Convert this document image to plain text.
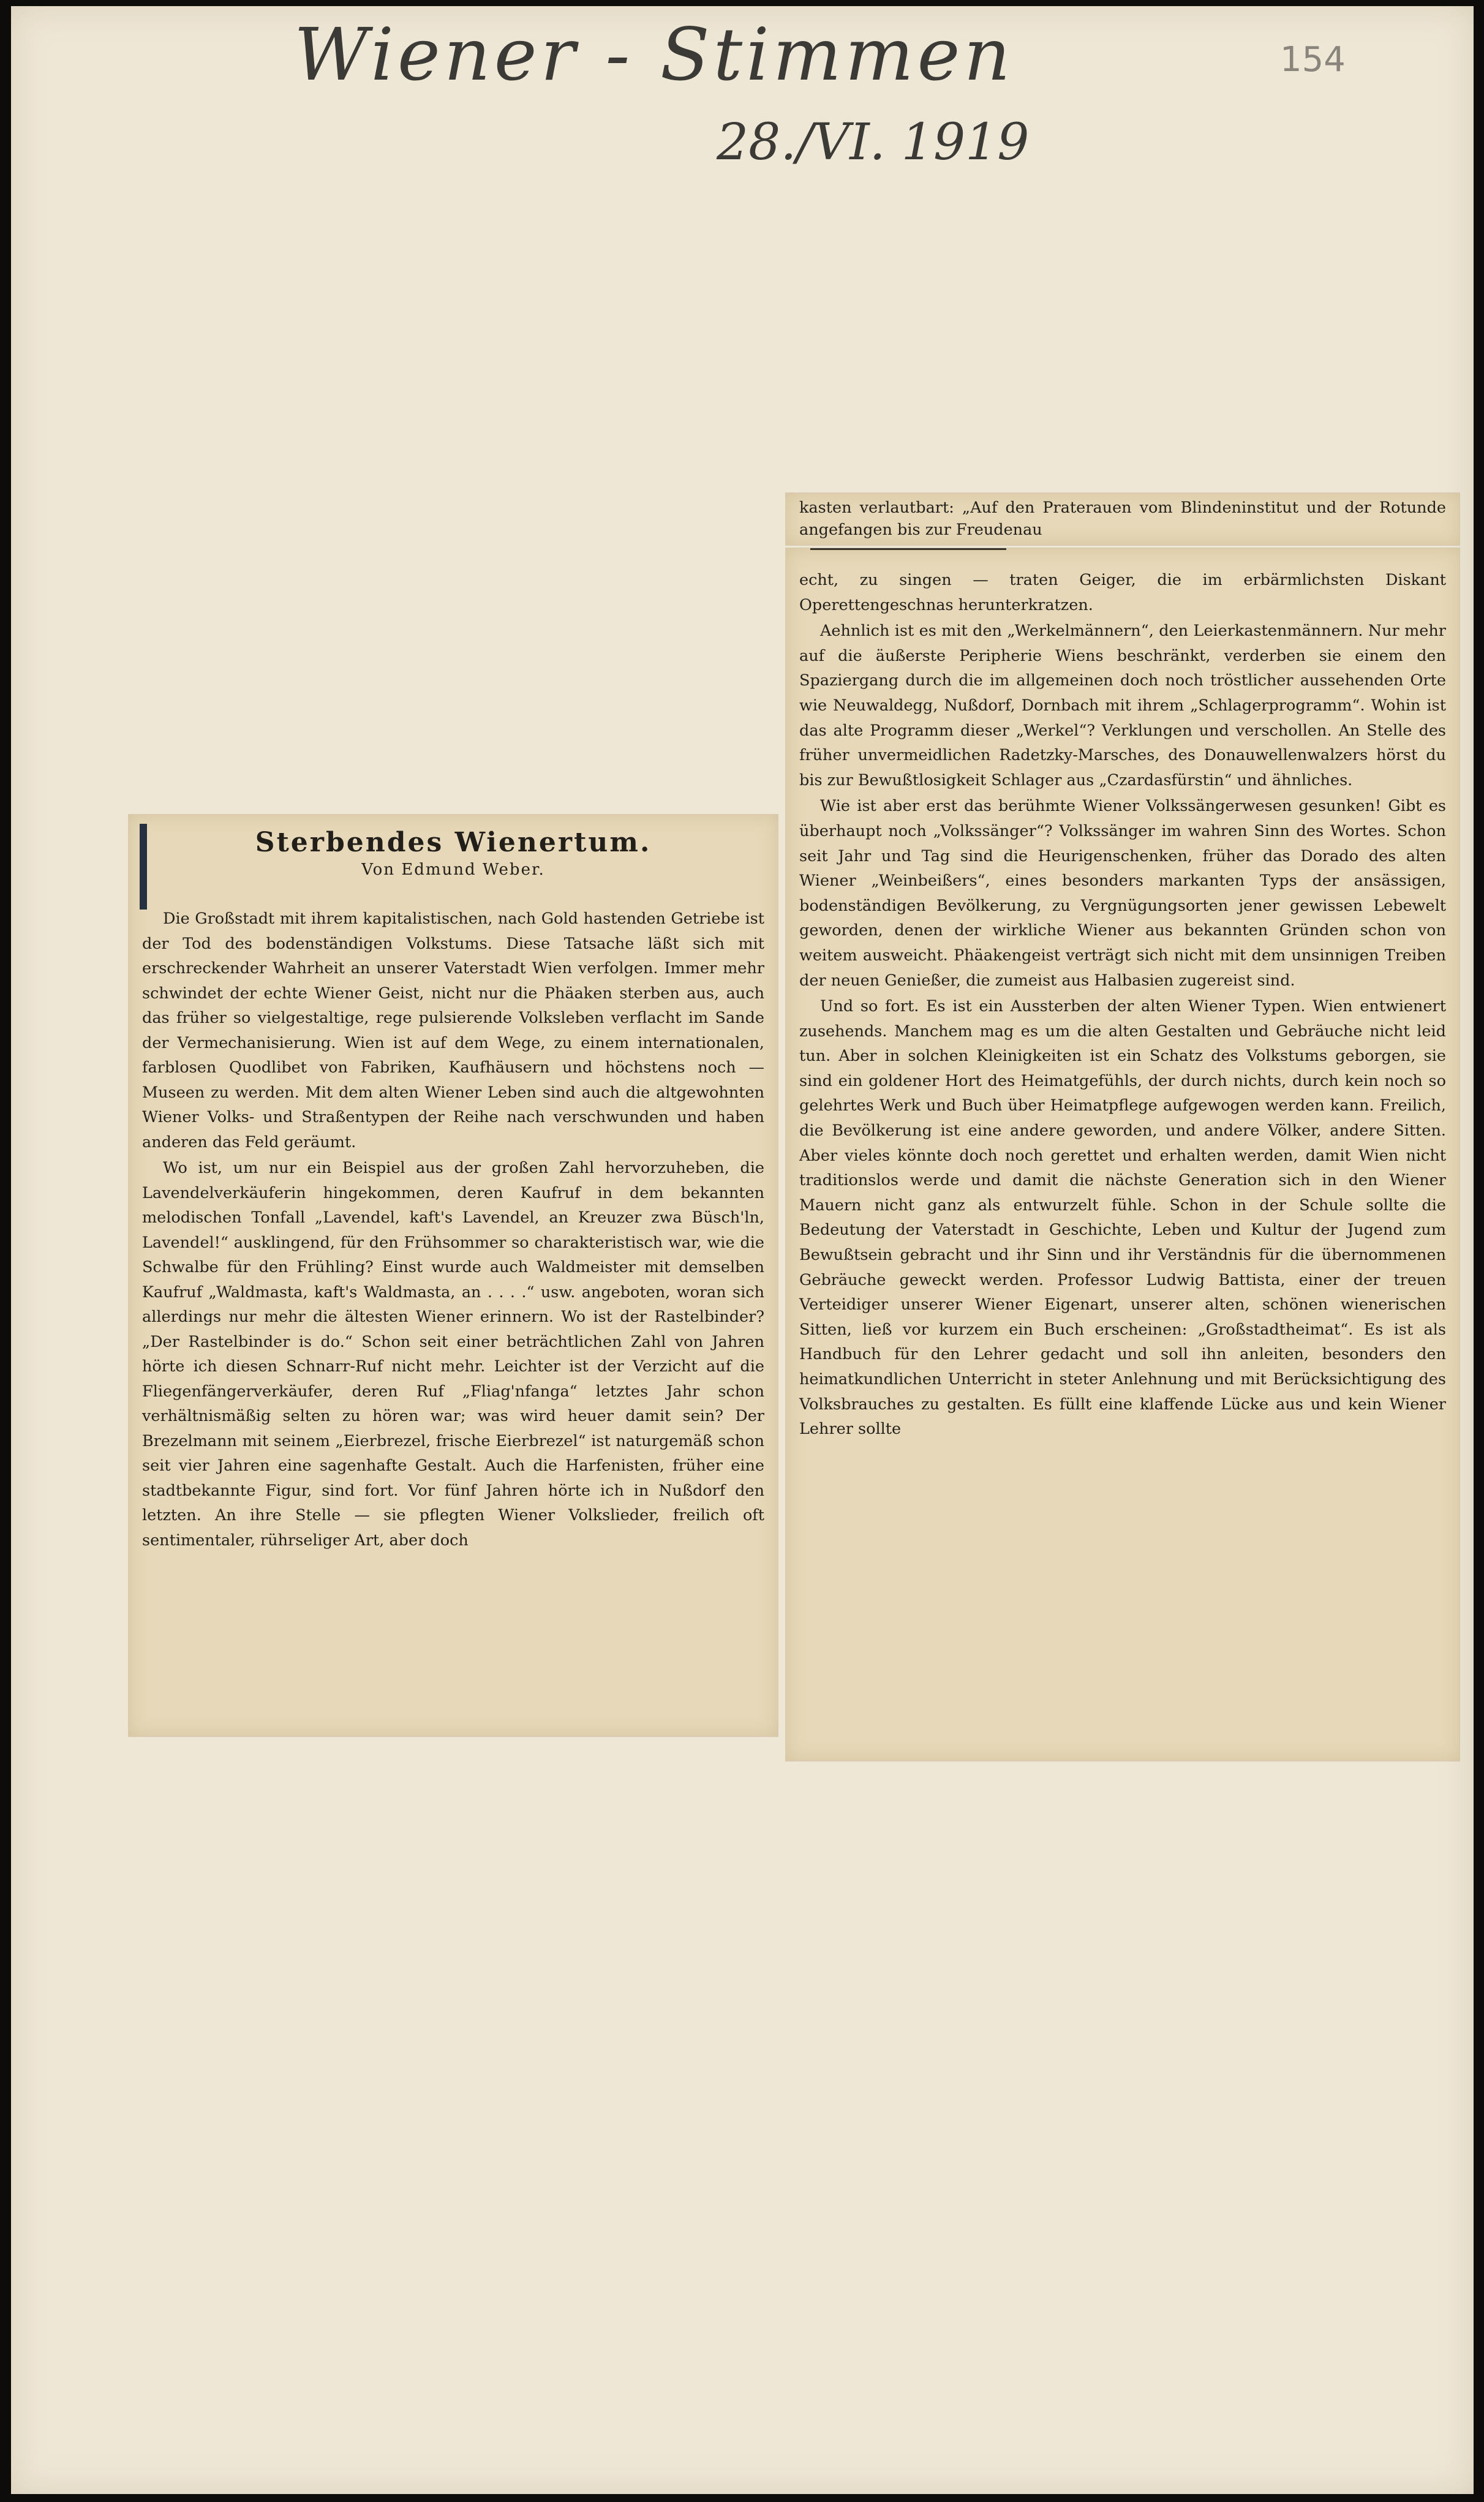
Wiener - Stimmen
28./VI. 1919
154
Sterbendes Wienertum.
Von Edmund Weber.

Die Großstadt mit ihrem kapitalistischen, nach Gold hastenden Getriebe ist der Tod des bodenständigen Volkstums. Diese Tatsache läßt sich mit erschreckender Wahrheit an unserer Vaterstadt Wien verfolgen. Immer mehr schwindet der echte Wiener Geist, nicht nur die Phäaken sterben aus, auch das früher so vielgestaltige, rege pulsierende Volksleben verflacht im Sande der Vermechanisierung. Wien ist auf dem Wege, zu einem internationalen, farblosen Quodlibet von Fabriken, Kaufhäusern und höchstens noch — Museen zu werden. Mit dem alten Wiener Leben sind auch die altgewohnten Wiener Volks- und Straßentypen der Reihe nach verschwunden und haben anderen das Feld geräumt.

Wo ist, um nur ein Beispiel aus der großen Zahl hervorzuheben, die Lavendelverkäuferin hingekommen, deren Kaufruf in dem bekannten melodischen Tonfall „Lavendel, kaft's Lavendel, an Kreuzer zwa Büsch'ln, Lavendel!“ ausklingend, für den Frühsommer so charakteristisch war, wie die Schwalbe für den Frühling? Einst wurde auch Waldmeister mit demselben Kaufruf „Waldmasta, kaft's Waldmasta, an . . . .“ usw. angeboten, woran sich allerdings nur mehr die ältesten Wiener erinnern. Wo ist der Rastelbinder? „Der Rastelbinder is do.“ Schon seit einer beträchtlichen Zahl von Jahren hörte ich diesen Schnarr-Ruf nicht mehr. Leichter ist der Verzicht auf die Fliegenfängerverkäufer, deren Ruf „Fliag'nfanga“ letztes Jahr schon verhältnismäßig selten zu hören war; was wird heuer damit sein? Der Brezelmann mit seinem „Eierbrezel, frische Eierbrezel“ ist naturgemäß schon seit vier Jahren eine sagenhafte Gestalt. Auch die Harfenisten, früher eine stadtbekannte Figur, sind fort. Vor fünf Jahren hörte ich in Nußdorf den letzten. An ihre Stelle — sie pflegten Wiener Volkslieder, freilich oft sentimentaler, rührseliger Art, aber doch

kasten verlautbart: „Auf den Praterauen vom Blindeninstitut und der Rotunde angefangen bis zur Freudenau

echt, zu singen — traten Geiger, die im erbärmlichsten Diskant Operettengeschnas herunterkratzen.

Aehnlich ist es mit den „Werkelmännern“, den Leierkastenmännern. Nur mehr auf die äußerste Peripherie Wiens beschränkt, verderben sie einem den Spaziergang durch die im allgemeinen doch noch tröstlicher aussehenden Orte wie Neuwaldegg, Nußdorf, Dornbach mit ihrem „Schlagerprogramm“. Wohin ist das alte Programm dieser „Werkel“? Verklungen und verschollen. An Stelle des früher unvermeidlichen Radetzky-Marsches, des Donauwellenwalzers hörst du bis zur Bewußtlosigkeit Schlager aus „Czardasfürstin“ und ähnliches.

Wie ist aber erst das berühmte Wiener Volkssängerwesen gesunken! Gibt es überhaupt noch „Volkssänger“? Volkssänger im wahren Sinn des Wortes. Schon seit Jahr und Tag sind die Heurigenschenken, früher das Dorado des alten Wiener „Weinbeißers“, eines besonders markanten Typs der ansässigen, bodenständigen Bevölkerung, zu Vergnügungsorten jener gewissen Lebewelt geworden, denen der wirkliche Wiener aus bekannten Gründen schon von weitem ausweicht. Phäakengeist verträgt sich nicht mit dem unsinnigen Treiben der neuen Genießer, die zumeist aus Halbasien zugereist sind.

Und so fort. Es ist ein Aussterben der alten Wiener Typen. Wien entwienert zusehends. Manchem mag es um die alten Gestalten und Gebräuche nicht leid tun. Aber in solchen Kleinigkeiten ist ein Schatz des Volkstums geborgen, sie sind ein goldener Hort des Heimatgefühls, der durch nichts, durch kein noch so gelehrtes Werk und Buch über Heimatpflege aufgewogen werden kann. Freilich, die Bevölkerung ist eine andere geworden, und andere Völker, andere Sitten. Aber vieles könnte doch noch gerettet und erhalten werden, damit Wien nicht traditionslos werde und damit die nächste Generation sich in den Wiener Mauern nicht ganz als entwurzelt fühle. Schon in der Schule sollte die Bedeutung der Vaterstadt in Geschichte, Leben und Kultur der Jugend zum Bewußtsein gebracht und ihr Sinn und ihr Verständnis für die übernommenen Gebräuche geweckt werden. Professor Ludwig Battista, einer der treuen Verteidiger unserer Wiener Eigenart, unserer alten, schönen wienerischen Sitten, ließ vor kurzem ein Buch erscheinen: „Großstadtheimat“. Es ist als Handbuch für den Lehrer gedacht und soll ihn anleiten, besonders den heimatkundlichen Unterricht in steter Anlehnung und mit Berücksichtigung des Volksbrauches zu gestalten. Es füllt eine klaffende Lücke aus und kein Wiener Lehrer sollte
